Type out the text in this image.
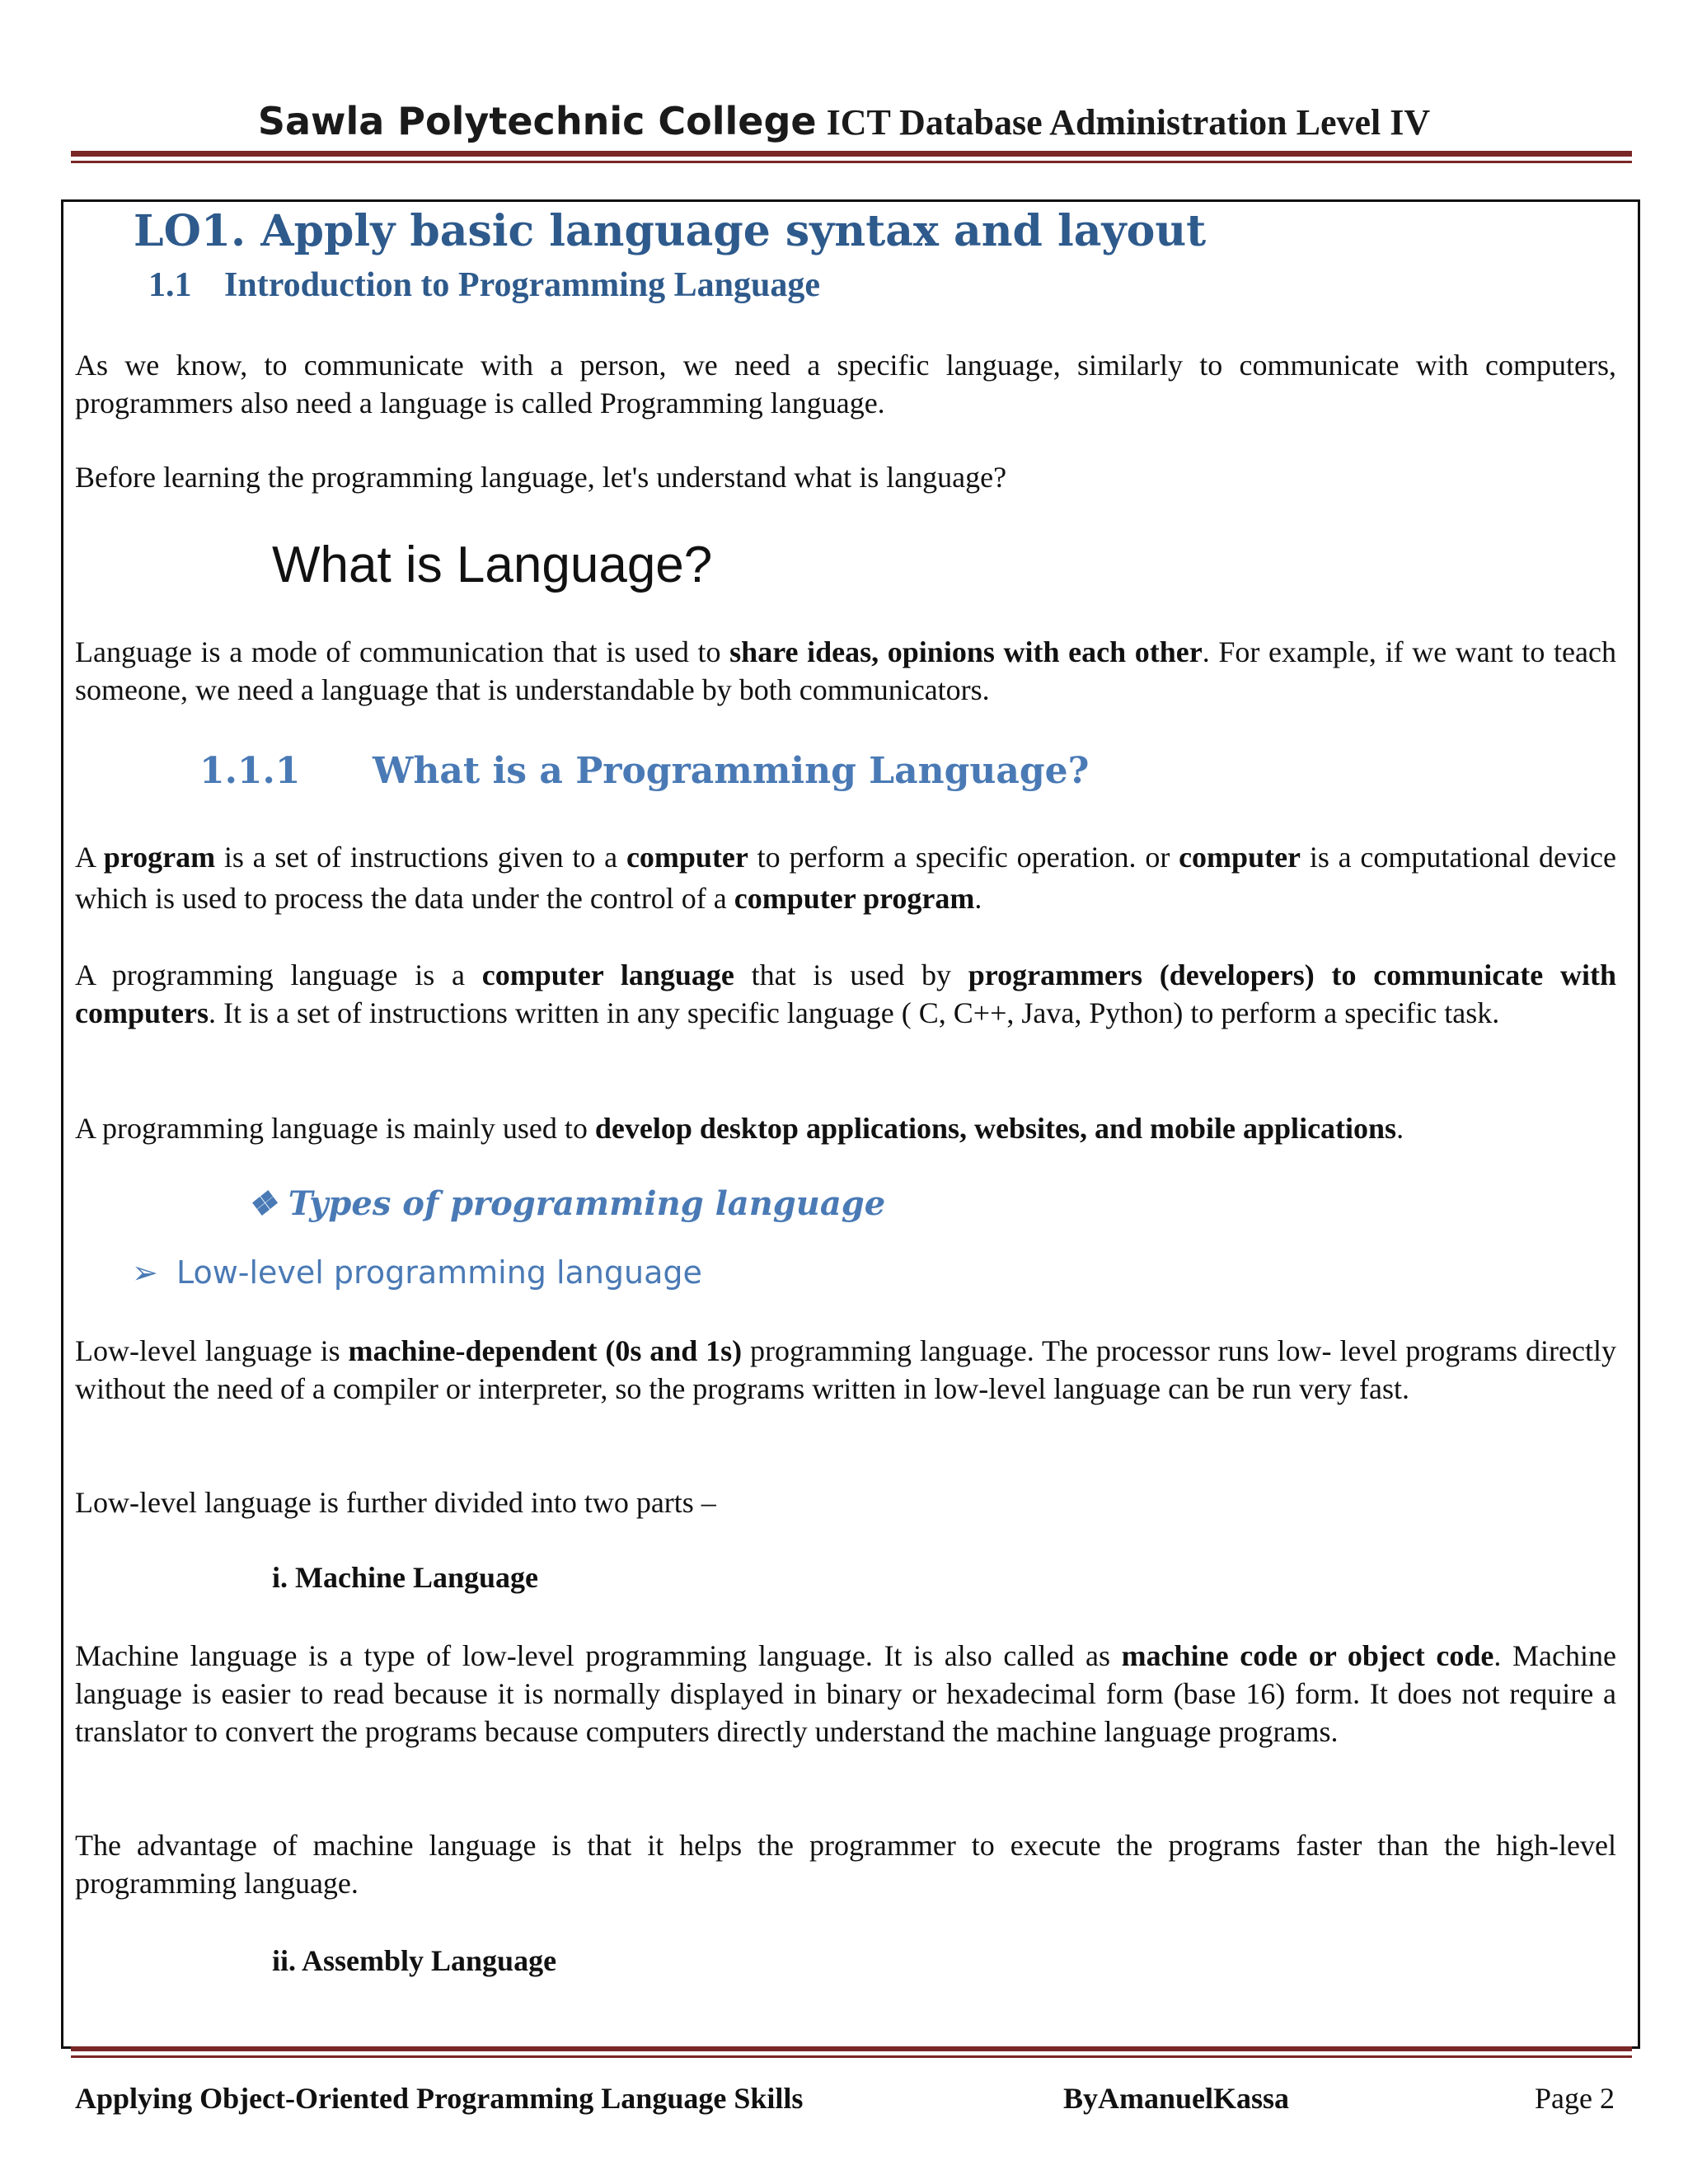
Sawla Polytechnic College ICT Database Administration Level IV
LO1. Apply basic language syntax and layout
1.1 Introduction to Programming Language
As we know, to communicate with a person, we need a specific language, similarly to communicate with computers, programmers also need a language is called Programming language.
Before learning the programming language, let's understand what is language?
What is Language?
Language is a mode of communication that is used to share ideas, opinions with each other. For example, if we want to teach someone, we need a language that is understandable by both communicators.
1.1.1 What is a Programming Language?
A program is a set of instructions given to a computer to perform a specific operation. or computer is a computational device which is used to process the data under the control of a computer program.
A programming language is a computer language that is used by programmers (developers) to communicate with computers. It is a set of instructions written in any specific language ( C, C++, Java, Python) to perform a specific task.
A programming language is mainly used to develop desktop applications, websites, and mobile applications.
❖ Types of programming language
➢ Low-level programming language
Low-level language is machine-dependent (0s and 1s) programming language. The processor runs low- level programs directly without the need of a compiler or interpreter, so the programs written in low-level language can be run very fast.
Low-level language is further divided into two parts –
i. Machine Language
Machine language is a type of low-level programming language. It is also called as machine code or object code. Machine language is easier to read because it is normally displayed in binary or hexadecimal form (base 16) form. It does not require a translator to convert the programs because computers directly understand the machine language programs.
The advantage of machine language is that it helps the programmer to execute the programs faster than the high-level programming language.
ii. Assembly Language
Applying Object-Oriented Programming Language Skills	ByAmanuelKassa	Page 2
